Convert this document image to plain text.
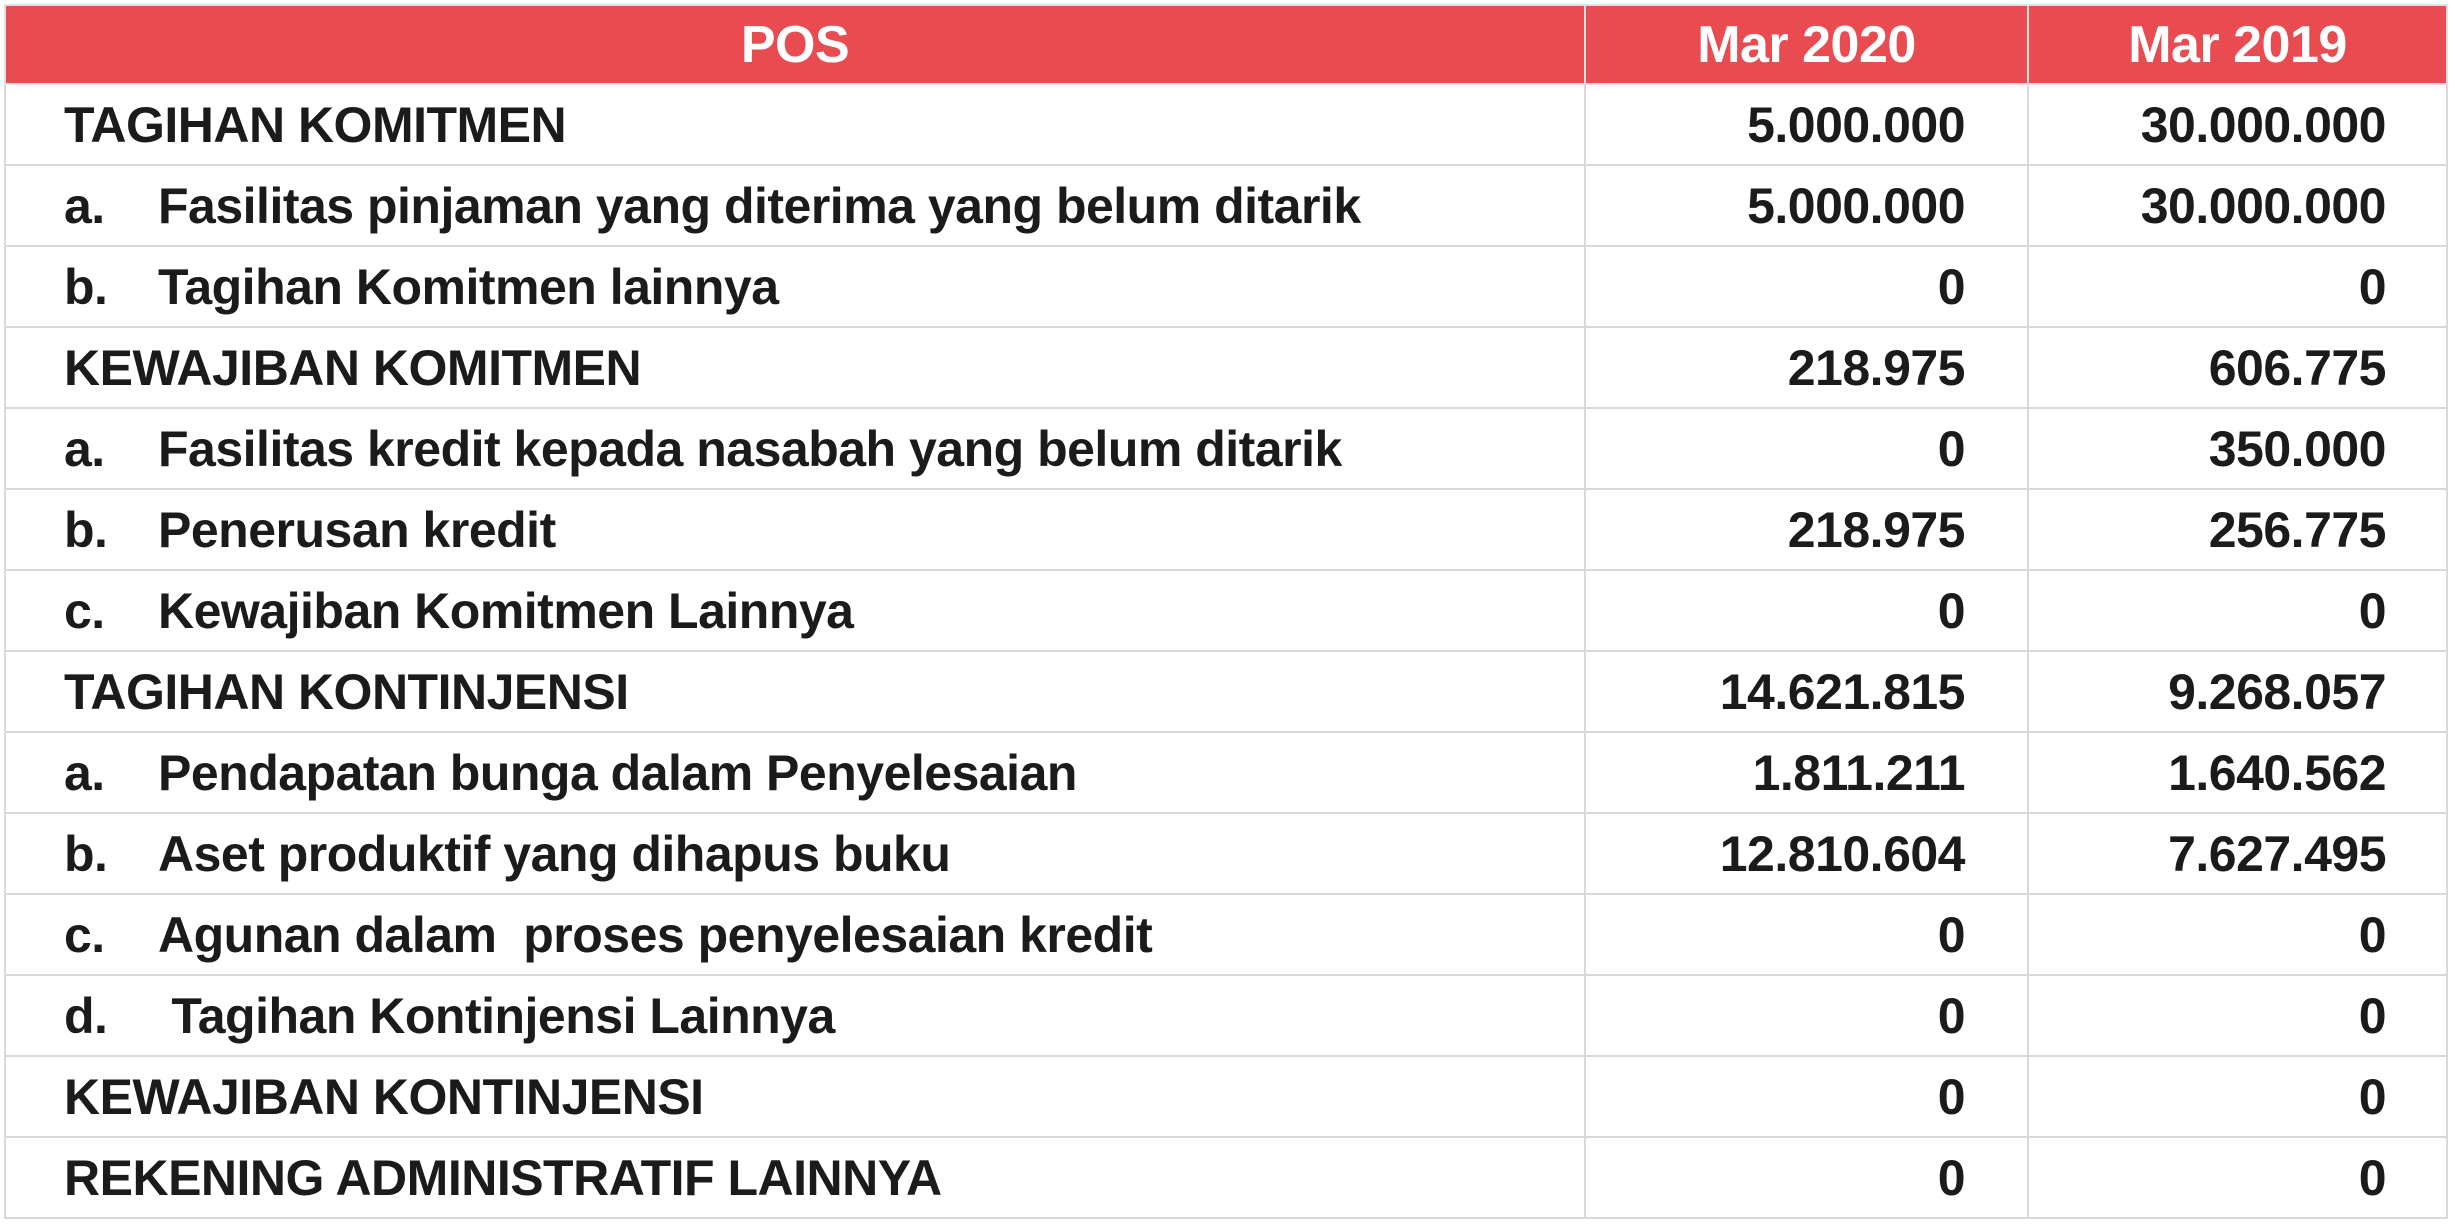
POS	Mar 2020	Mar 2019
TAGIHAN KOMITMEN	5.000.000	30.000.000
a. Fasilitas pinjaman yang diterima yang belum ditarik	5.000.000	30.000.000
b. Tagihan Komitmen lainnya	0	0
KEWAJIBAN KOMITMEN	218.975	606.775
a. Fasilitas kredit kepada nasabah yang belum ditarik	0	350.000
b. Penerusan kredit	218.975	256.775
c. Kewajiban Komitmen Lainnya	0	0
TAGIHAN KONTINJENSI	14.621.815	9.268.057
a. Pendapatan bunga dalam Penyelesaian	1.811.211	1.640.562
b. Aset produktif yang dihapus buku	12.810.604	7.627.495
c. Agunan dalam  proses penyelesaian kredit	0	0
d. Tagihan Kontinjensi Lainnya	0	0
KEWAJIBAN KONTINJENSI	0	0
REKENING ADMINISTRATIF LAINNYA	0	0
